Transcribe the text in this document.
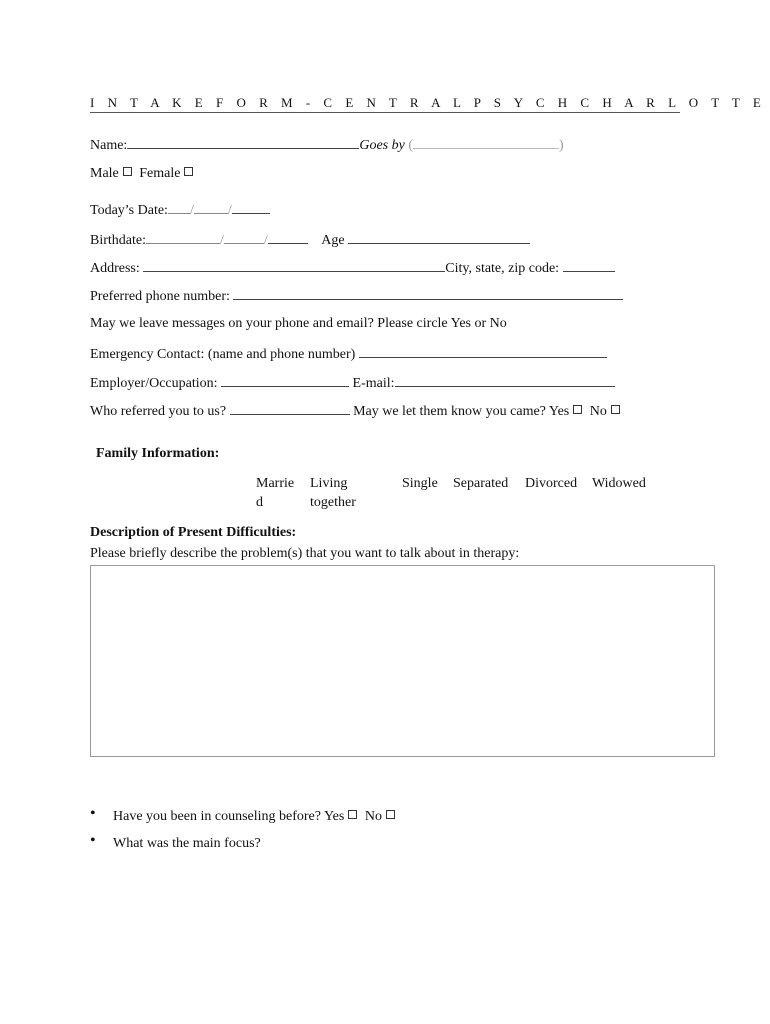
I N T A K E F O R M - C E N T R A L P S Y C H C H A R L O T T E
Name:	Goes by (	)
Male Female
Today’s Date: / /
Birthdate:	/	/	Age
Address:	City, state, zip code:
Preferred phone number:
May we leave messages on your phone and email? Please circle Yes or No
Emergency Contact: (name and phone number)
Employer/Occupation:	E-mail:
Who referred you to us?	May we let them know you came? Yes No
Family Information:
Marrie
d
Living
together
Single Separated Divorced Widowed
Description of Present Difficulties:
Please briefly describe the problem(s) that you want to talk about in therapy:
• Have you been in counseling before? Yes No
• What was the main focus?
